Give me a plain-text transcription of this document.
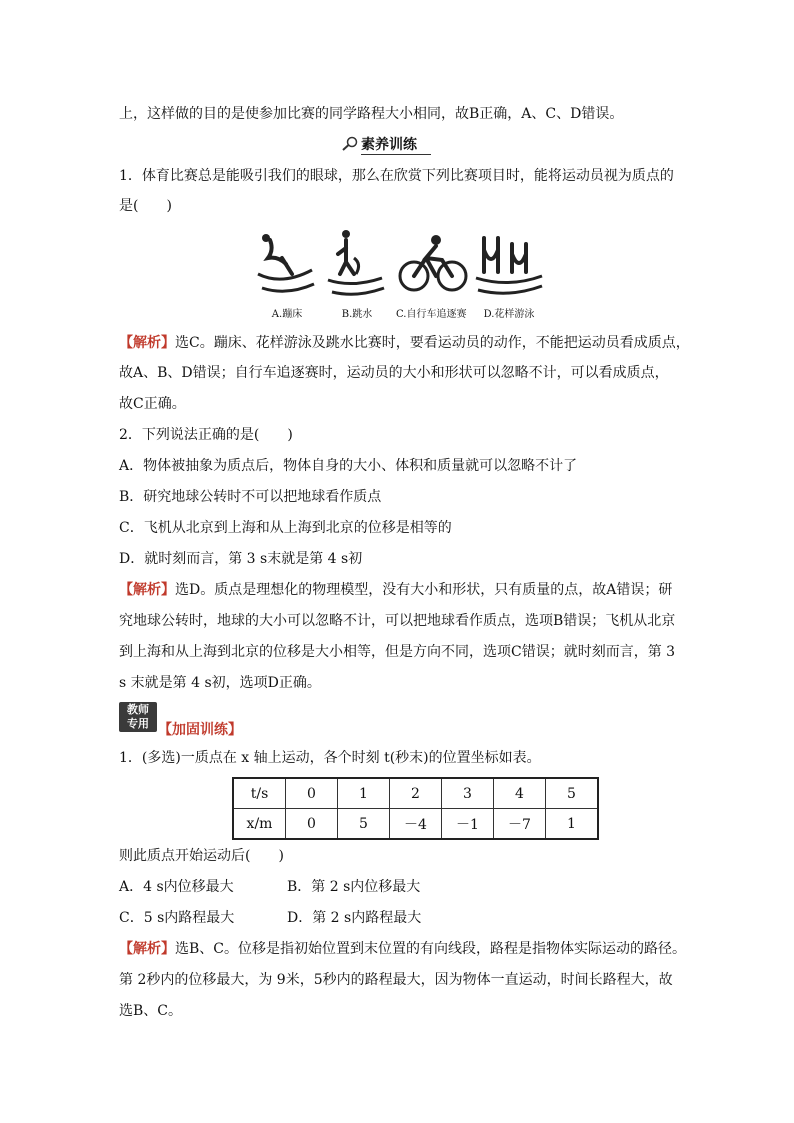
上，这样做的目的是使参加比赛的同学路程大小相同，故B正确，A、C、D错误。
素养训练
1．体育比赛总是能吸引我们的眼球，那么在欣赏下列比赛项目时，能将运动员视为质点的
是(　　)
A.蹦床	B.跳水	C.自行车追逐赛	D.花样游泳
【解析】选C。蹦床、花样游泳及跳水比赛时，要看运动员的动作，不能把运动员看成质点，
故A、B、D错误；自行车追逐赛时，运动员的大小和形状可以忽略不计，可以看成质点，
故C正确。
2．下列说法正确的是(　　)
A．物体被抽象为质点后，物体自身的大小、体积和质量就可以忽略不计了
B．研究地球公转时不可以把地球看作质点
C．飞机从北京到上海和从上海到北京的位移是相等的
D．就时刻而言，第 3 s末就是第 4 s初
【解析】选D。质点是理想化的物理模型，没有大小和形状，只有质量的点，故A错误；研
究地球公转时，地球的大小可以忽略不计，可以把地球看作质点，选项B错误；飞机从北京
到上海和从上海到北京的位移是大小相等，但是方向不同，选项C错误；就时刻而言，第 3
s 末就是第 4 s初，选项D正确。
教师
专用 【加固训练】
1．(多选)一质点在 x 轴上运动，各个时刻 t(秒末)的位置坐标如表。
t/s	0	1	2	3	4	5
x/m	0	5	－4	－1	－7	1
则此质点开始运动后(　　)
A．4 s内位移最大	B．第 2 s内位移最大
C．5 s内路程最大	D．第 2 s内路程最大
【解析】选B、C。位移是指初始位置到末位置的有向线段，路程是指物体实际运动的路径。
第 2秒内的位移最大，为 9米，5秒内的路程最大，因为物体一直运动，时间长路程大，故
选B、C。
